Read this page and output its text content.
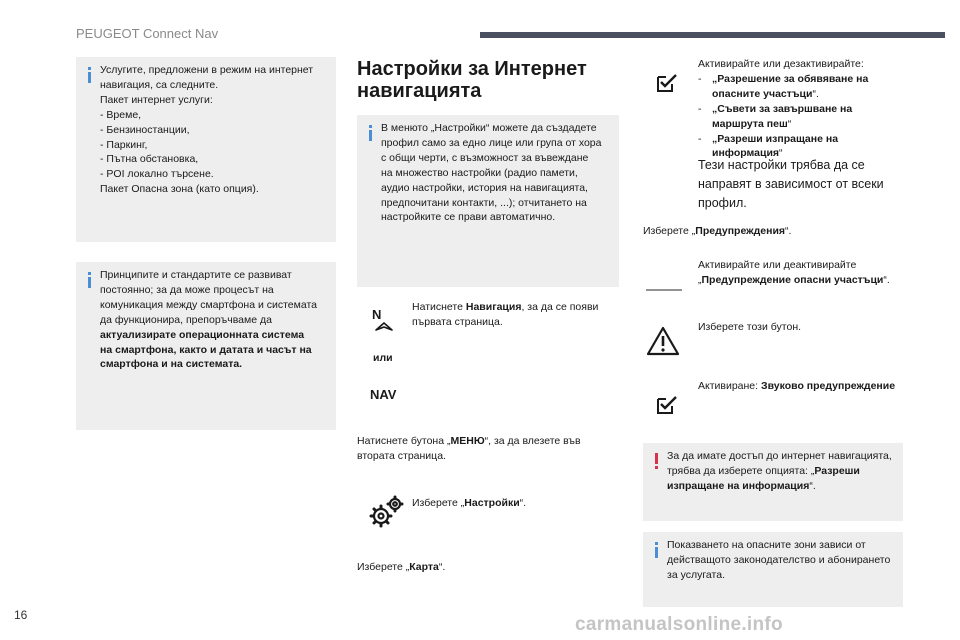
PEUGEOT Connect Nav
Услугите, предложени в режим на интернет
навигация, са следните.
Пакет интернет услуги:
- Време,
- Бензиностанции,
- Паркинг,
- Пътна обстановка,
- POI локално търсене.
Пакет Опасна зона (като опция).
Принципите и стандартите се развиват
постоянно; за да може процесът на
комуникация между смартфона и системата
да функционира, препоръчваме да
актуализирате операционната система
на смартфона, както и датата и часът на
смартфона и на системата.
Настройки за Интернет
навигацията
В менюто „Настройки“ можете да създадете
профил само за едно лице или група от хора
с общи черти, с възможност за въвеждане
на множество настройки (радио памети,
аудио настройки, история на навигацията,
предпочитани контакти, ...); отчитането на
настройките се прави автоматично.
N
или
NAV
Натиснете Навигация, за да се появи
първата страница.
Натиснете бутона „МЕНЮ“, за да влезете във
втората страница.
Изберете „Настройки“.
Изберете „Карта“.
Активирайте или дезактивирайте:
- „Разрешение за обявяване на
опасните участъци“.
- „Съвети за завършване на
маршрута пеш“
- „Разреши изпращане на
информация“
Тези настройки трябва да се
направят в зависимост от всеки
профил.
Изберете „Предупреждения“.
Активирайте или деактивирайте
„Предупреждение опасни участъци“.
Изберете този бутон.
Активиране: Звуково предупреждение
За да имате достъп до интернет навигацията,
трябва да изберете опцията: „Разреши
изпращане на информация“.
Показването на опасните зони зависи от
действащото законодателство и абонирането
за услугата.
16	carmanualsonline.info
